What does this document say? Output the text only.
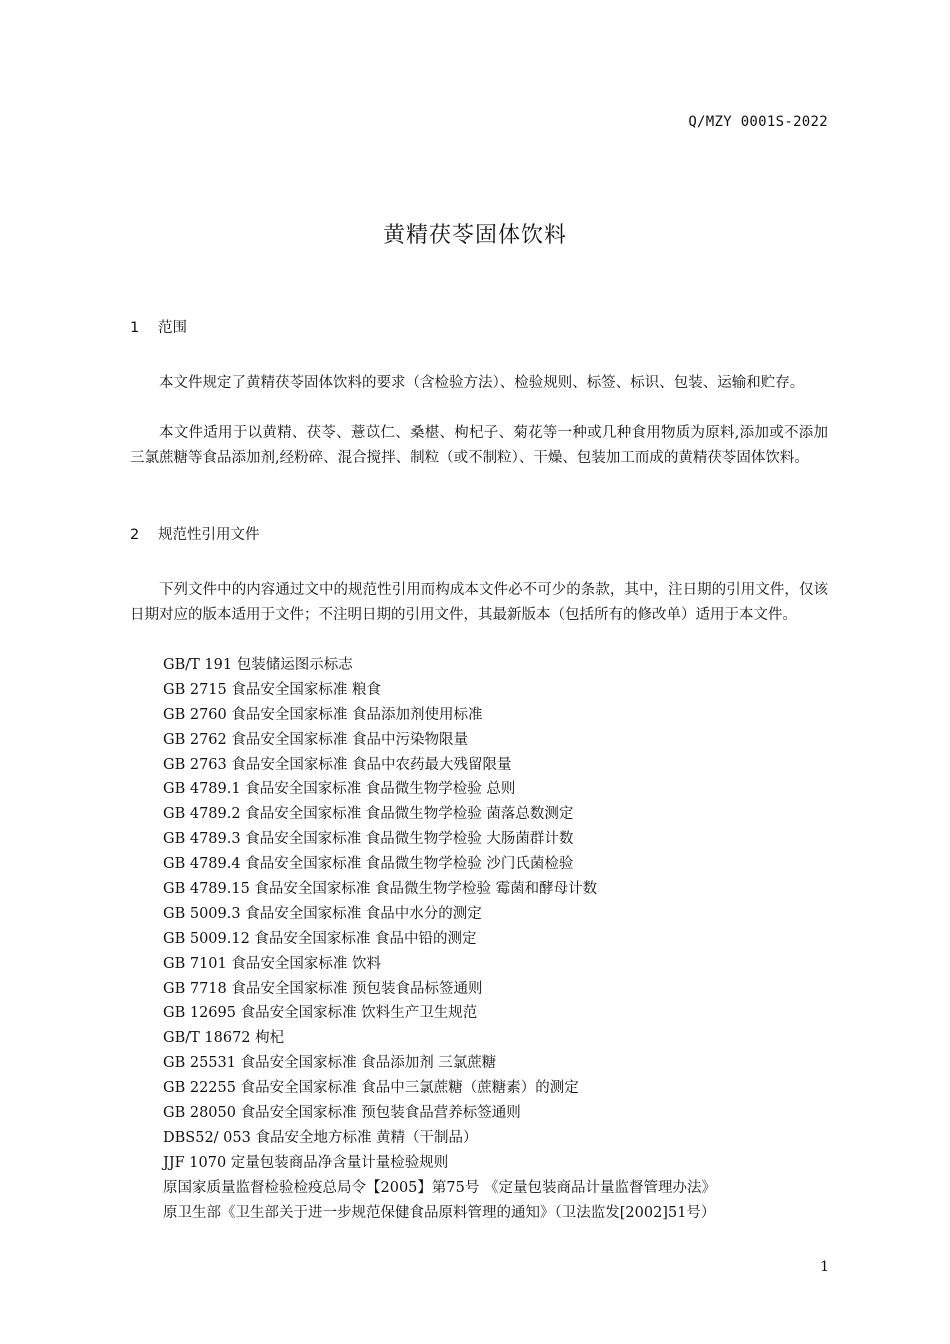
Q/MZY 0001S-2022
黄精茯苓固体饮料
1 范围

本文件规定了黄精茯苓固体饮料的要求（含检验方法）、检验规则、标签、标识、包装、运输和贮存。

本文件适用于以黄精、茯苓、薏苡仁、桑椹、枸杞子、菊花等一种或几种食用物质为原料,添加或不添加三氯蔗糖等食品添加剂,经粉碎、混合搅拌、制粒（或不制粒）、干燥、包装加工而成的黄精茯苓固体饮料。

2 规范性引用文件

下列文件中的内容通过文中的规范性引用而构成本文件必不可少的条款，其中，注日期的引用文件，仅该日期对应的版本适用于文件；不注明日期的引用文件，其最新版本（包括所有的修改单）适用于本文件。

GB/T 191 包装储运图示标志
GB 2715 食品安全国家标准 粮食
GB 2760 食品安全国家标准 食品添加剂使用标准
GB 2762 食品安全国家标准 食品中污染物限量
GB 2763 食品安全国家标准 食品中农药最大残留限量
GB 4789.1 食品安全国家标准 食品微生物学检验 总则
GB 4789.2 食品安全国家标准 食品微生物学检验 菌落总数测定
GB 4789.3 食品安全国家标准 食品微生物学检验 大肠菌群计数
GB 4789.4 食品安全国家标准 食品微生物学检验 沙门氏菌检验
GB 4789.15 食品安全国家标准 食品微生物学检验 霉菌和酵母计数
GB 5009.3 食品安全国家标准 食品中水分的测定
GB 5009.12 食品安全国家标准 食品中铅的测定
GB 7101 食品安全国家标准 饮料
GB 7718 食品安全国家标准 预包装食品标签通则
GB 12695 食品安全国家标准 饮料生产卫生规范
GB/T 18672 枸杞
GB 25531 食品安全国家标准 食品添加剂 三氯蔗糖
GB 22255 食品安全国家标准 食品中三氯蔗糖（蔗糖素）的测定
GB 28050 食品安全国家标准 预包装食品营养标签通则
DBS52/ 053 食品安全地方标准 黄精（干制品）
JJF 1070 定量包装商品净含量计量检验规则
原国家质量监督检验检疫总局令【2005】第75号 《定量包装商品计量监督管理办法》
原卫生部《卫生部关于进一步规范保健食品原料管理的通知》（卫法监发[2002]51号）
1
